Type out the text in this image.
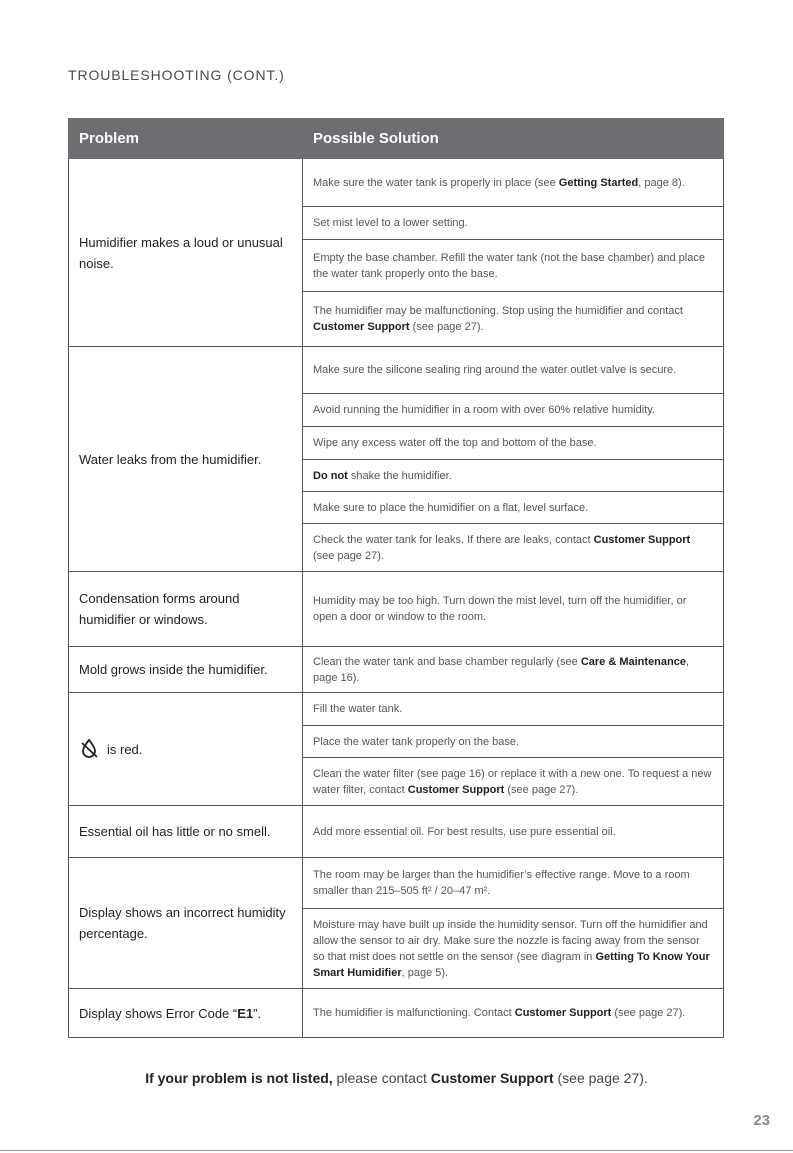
TROUBLESHOOTING (CONT.)
Problem	Possible Solution
Humidifier makes a loud or unusual noise.	Make sure the water tank is properly in place (see Getting Started, page 8).
	Set mist level to a lower setting.
	Empty the base chamber. Refill the water tank (not the base chamber) and place the water tank properly onto the base.
	The humidifier may be malfunctioning. Stop using the humidifier and contact Customer Support (see page 27).
Water leaks from the humidifier.	Make sure the silicone sealing ring around the water outlet valve is secure.
	Avoid running the humidifier in a room with over 60% relative humidity.
	Wipe any excess water off the top and bottom of the base.
	Do not shake the humidifier.
	Make sure to place the humidifier on a flat, level surface.
	Check the water tank for leaks. If there are leaks, contact Customer Support (see page 27).
Condensation forms around humidifier or windows.	Humidity may be too high. Turn down the mist level, turn off the humidifier, or open a door or window to the room.
Mold grows inside the humidifier.	Clean the water tank and base chamber regularly (see Care & Maintenance, page 16).
is red.	Fill the water tank.
	Place the water tank properly on the base.
	Clean the water filter (see page 16) or replace it with a new one. To request a new water filter, contact Customer Support (see page 27).
Essential oil has little or no smell.	Add more essential oil. For best results, use pure essential oil.
Display shows an incorrect humidity percentage.	The room may be larger than the humidifier’s effective range. Move to a room smaller than 215–505 ft² / 20–47 m².
	Moisture may have built up inside the humidity sensor. Turn off the humidifier and allow the sensor to air dry. Make sure the nozzle is facing away from the sensor so that mist does not settle on the sensor (see diagram in Getting To Know Your Smart Humidifier, page 5).
Display shows Error Code “E1”.	The humidifier is malfunctioning. Contact Customer Support (see page 27).
If your problem is not listed, please contact Customer Support (see page 27).
23
